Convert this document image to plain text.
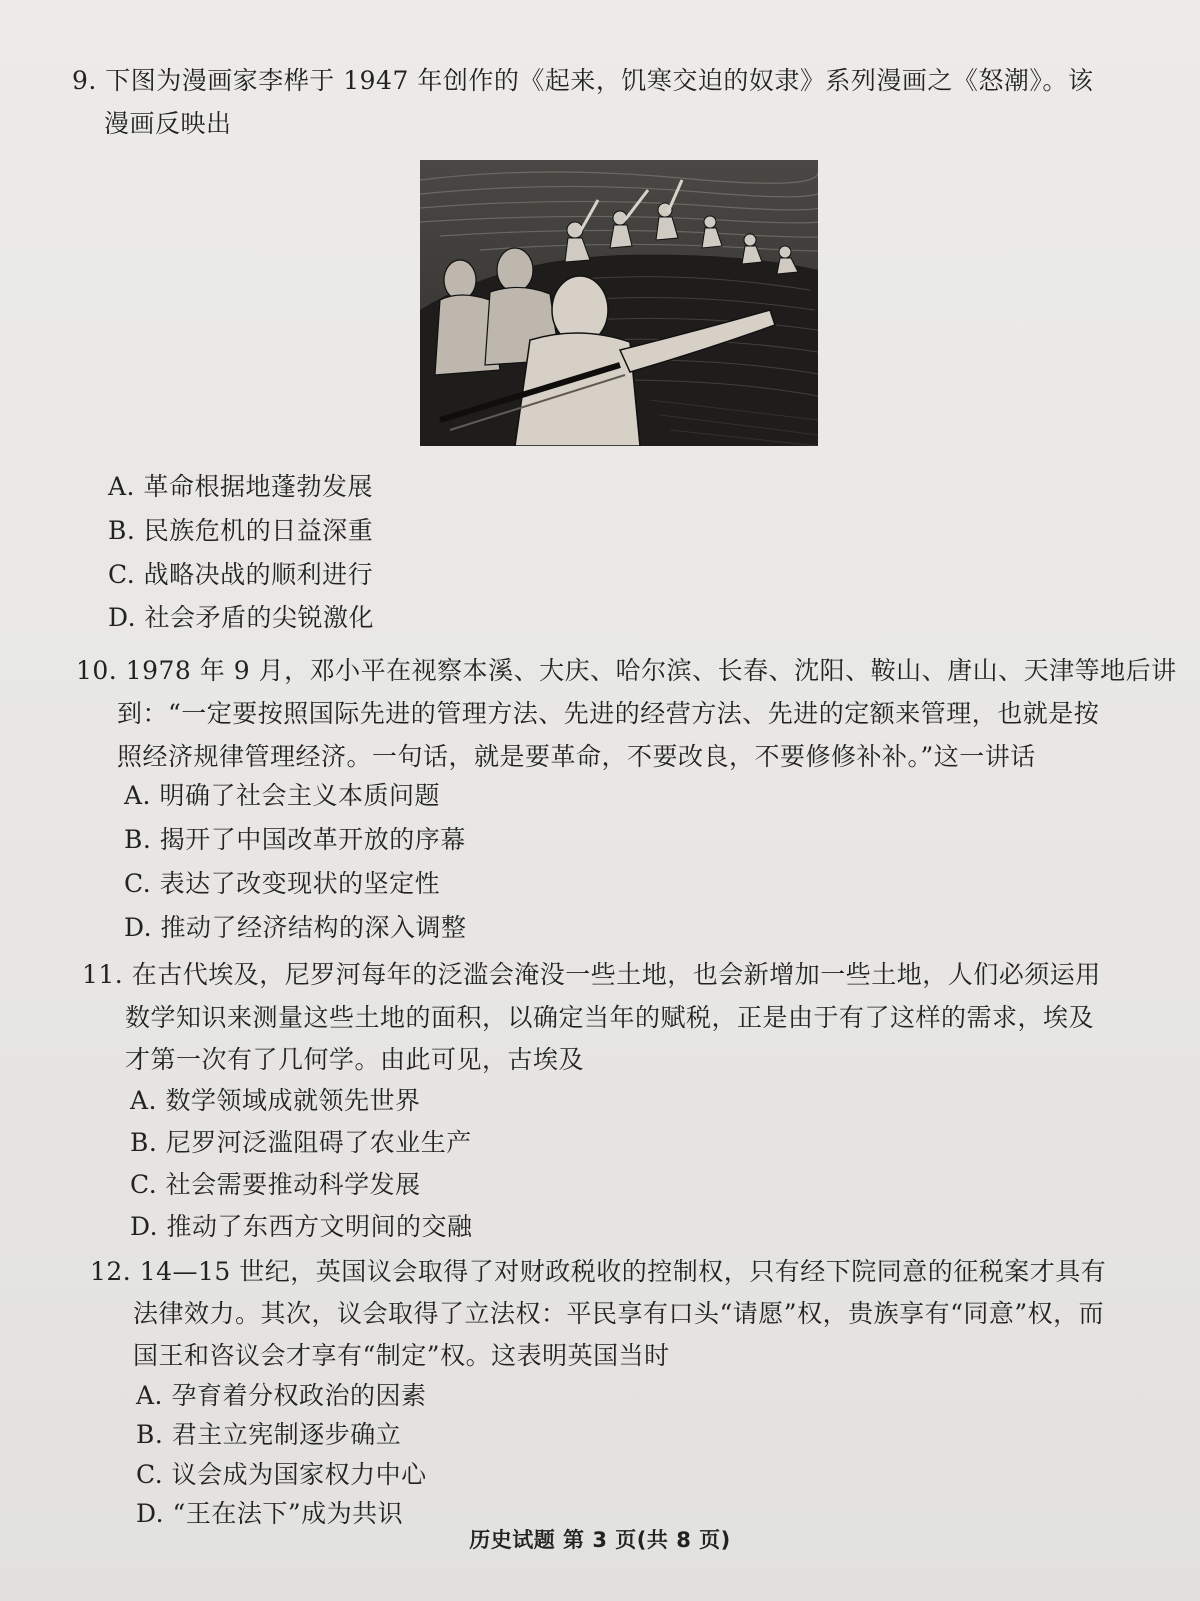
9. 下图为漫画家李桦于 1947 年创作的《起来，饥寒交迫的奴隶》系列漫画之《怒潮》。该
漫画反映出
A. 革命根据地蓬勃发展
B. 民族危机的日益深重
C. 战略决战的顺利进行
D. 社会矛盾的尖锐激化
10. 1978 年 9 月，邓小平在视察本溪、大庆、哈尔滨、长春、沈阳、鞍山、唐山、天津等地后讲
到：“一定要按照国际先进的管理方法、先进的经营方法、先进的定额来管理，也就是按
照经济规律管理经济。一句话，就是要革命，不要改良，不要修修补补。”这一讲话
A. 明确了社会主义本质问题
B. 揭开了中国改革开放的序幕
C. 表达了改变现状的坚定性
D. 推动了经济结构的深入调整
11. 在古代埃及，尼罗河每年的泛滥会淹没一些土地，也会新增加一些土地，人们必须运用
数学知识来测量这些土地的面积，以确定当年的赋税，正是由于有了这样的需求，埃及
才第一次有了几何学。由此可见，古埃及
A. 数学领域成就领先世界
B. 尼罗河泛滥阻碍了农业生产
C. 社会需要推动科学发展
D. 推动了东西方文明间的交融
12. 14—15 世纪，英国议会取得了对财政税收的控制权，只有经下院同意的征税案才具有
法律效力。其次，议会取得了立法权：平民享有口头“请愿”权，贵族享有“同意”权，而
国王和咨议会才享有“制定”权。这表明英国当时
A. 孕育着分权政治的因素
B. 君主立宪制逐步确立
C. 议会成为国家权力中心
D. “王在法下”成为共识
历史试题 第 3 页(共 8 页)
